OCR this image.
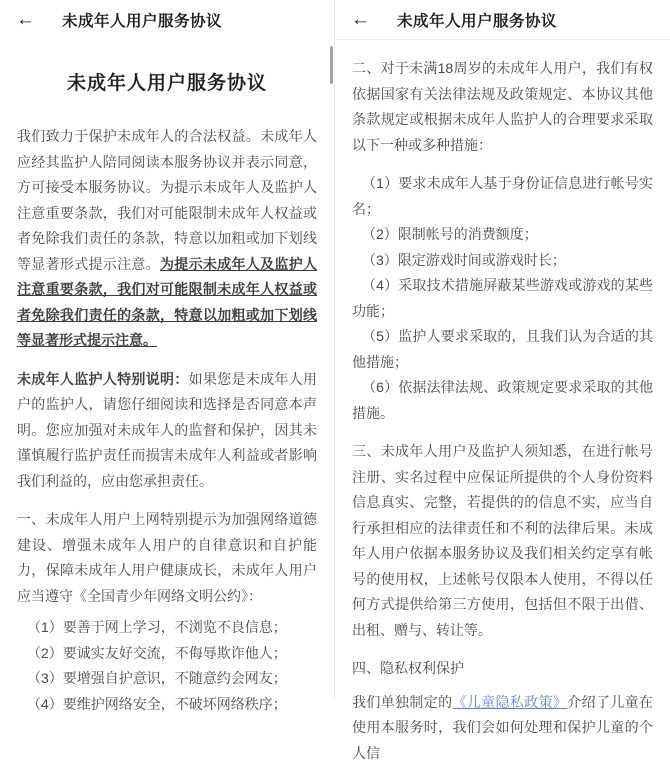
← 未成年人用户服务协议
未成年人用户服务协议

我们致力于保护未成年人的合法权益。未成年人应经其监护人陪同阅读本服务协议并表示同意，方可接受本服务协议。为提示未成年人及监护人注意重要条款，我们对可能限制未成年人权益或者免除我们责任的条款，特意以加粗或加下划线等显著形式提示注意。为提示未成年人及监护人注意重要条款，我们对可能限制未成年人权益或者免除我们责任的条款，特意以加粗或加下划线等显著形式提示注意。

未成年人监护人特别说明：如果您是未成年人用户的监护人，请您仔细阅读和选择是否同意本声明。您应加强对未成年人的监督和保护，因其未谨慎履行监护责任而损害未成年人利益或者影响我们利益的，应由您承担责任。

一、未成年人用户上网特别提示为加强网络道德建设、增强未成年人用户的自律意识和自护能力，保障未成年人用户健康成长，未成年人用户应当遵守《全国青少年网络文明公约》：

（1）要善于网上学习，不浏览不良信息；
（2）要诚实友好交流，不侮辱欺诈他人；
（3）要增强自护意识，不随意约会网友；
（4）要维护网络安全，不破坏网络秩序；
← 未成年人用户服务协议

二、对于未满18周岁的未成年人用户，我们有权依据国家有关法律法规及政策规定、本协议其他条款规定或根据未成年人监护人的合理要求采取以下一种或多种措施：

（1）要求未成年人基于身份证信息进行帐号实名；
（2）限制帐号的消费额度；
（3）限定游戏时间或游戏时长；
（4）采取技术措施屏蔽某些游戏或游戏的某些功能；
（5）监护人要求采取的，且我们认为合适的其他措施；
（6）依据法律法规、政策规定要求采取的其他措施。

三、未成年人用户及监护人须知悉，在进行帐号注册、实名过程中应保证所提供的个人身份资料信息真实、完整，若提供的的信息不实，应当自行承担相应的法律责任和不利的法律后果。未成年人用户依据本服务协议及我们相关约定享有帐号的使用权，上述帐号仅限本人使用，不得以任何方式提供给第三方使用，包括但不限于出借、出租、赠与、转让等。

四、隐私权利保护

我们单独制定的《儿童隐私政策》介绍了儿童在使用本服务时，我们会如何处理和保护儿童的个人信
